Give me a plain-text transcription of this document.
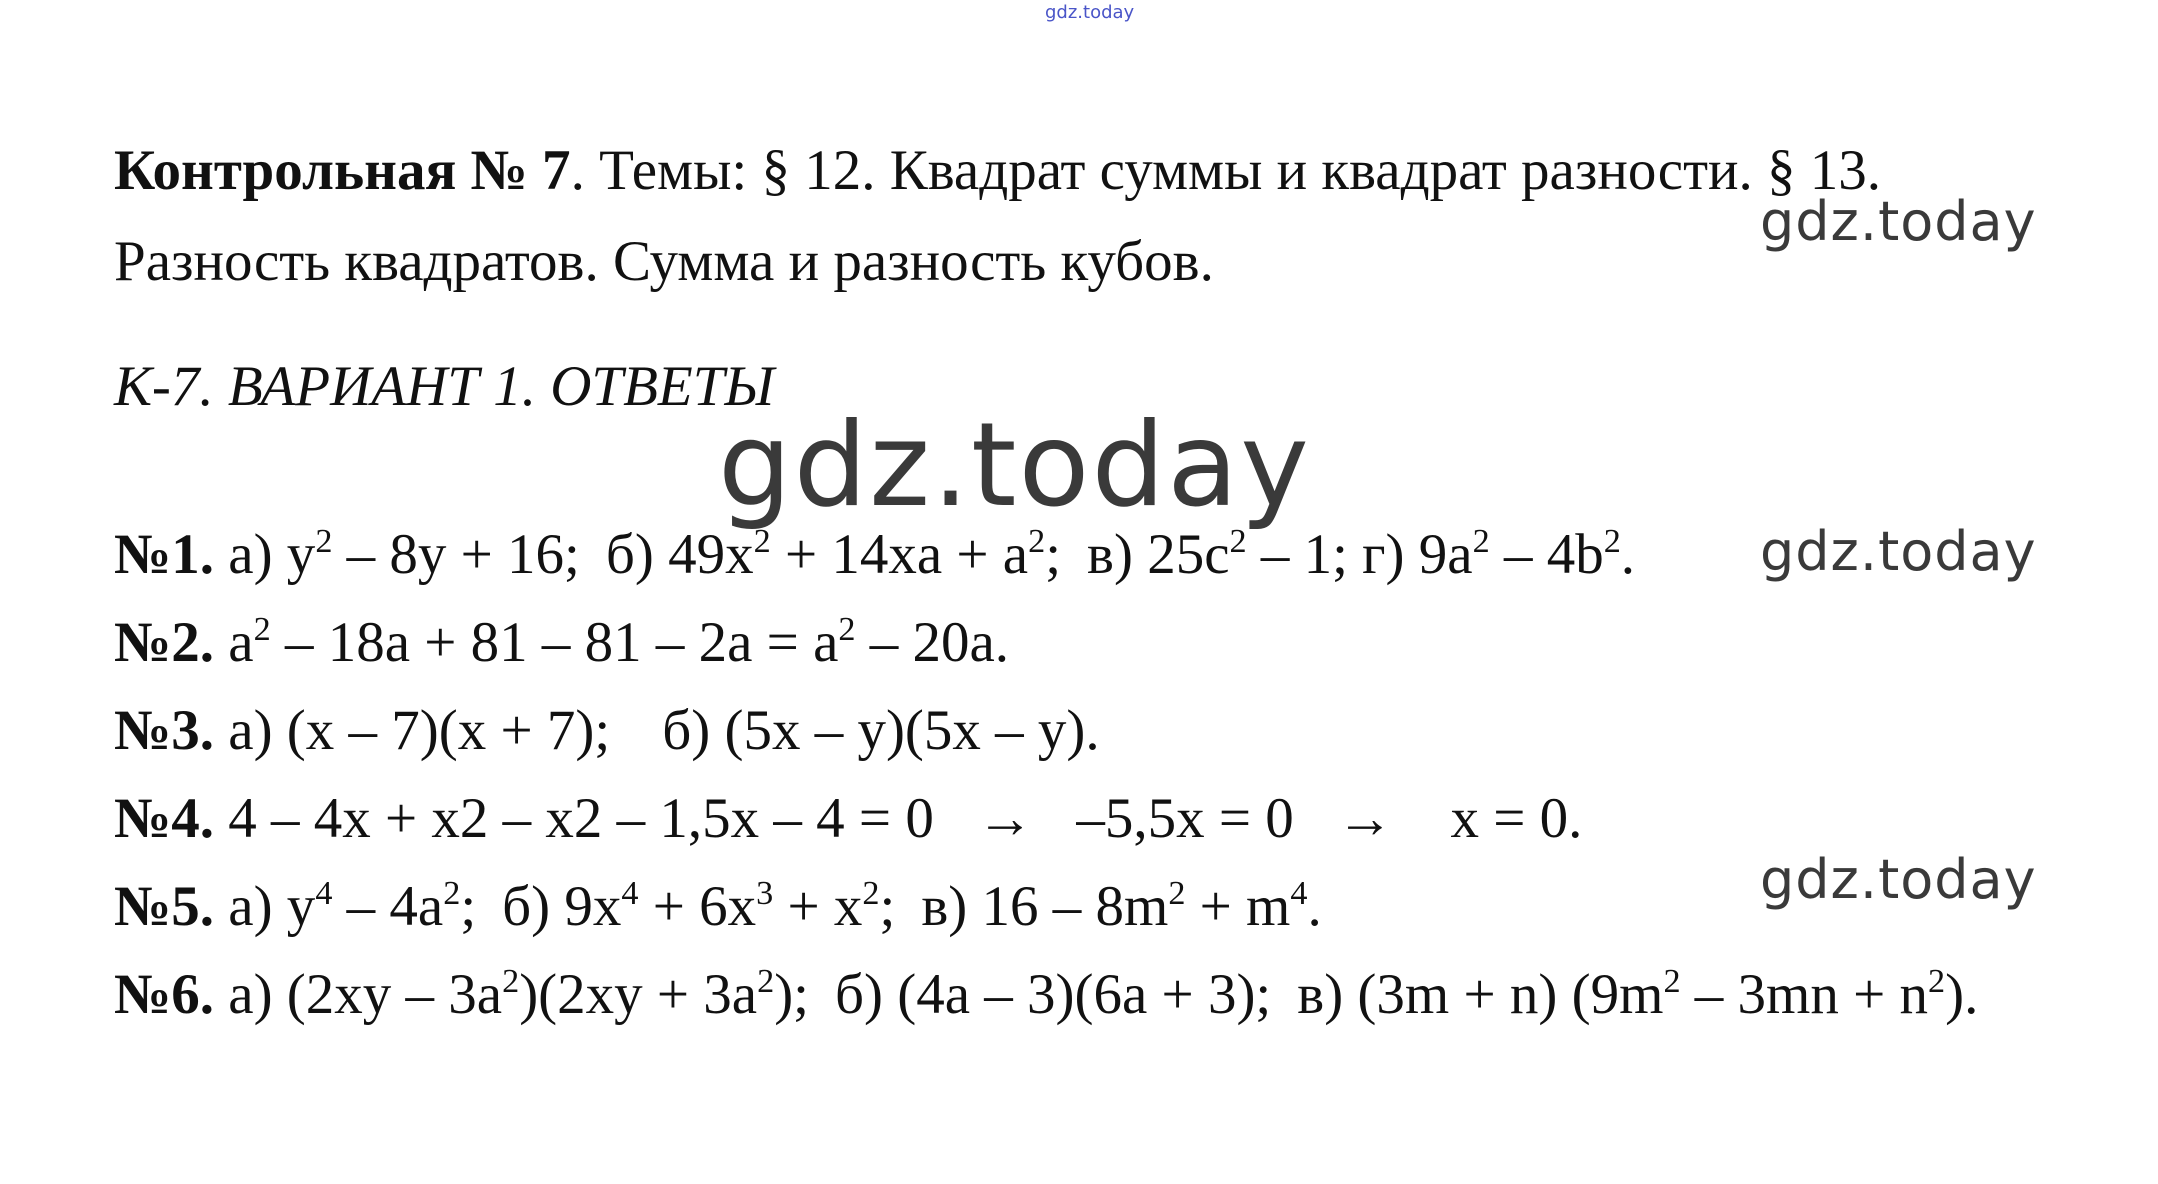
gdz.today
gdz.today
gdz.today
gdz.today
gdz.today
Контрольная № 7. Темы: § 12. Квадрат суммы и квадрат разности. § 13.
Разность квадратов. Сумма и разность кубов.
К-7. ВАРИАНТ 1. ОТВЕТЫ
№1. а) $y^2 - 8y + 16$; б) $49x^2 + 14xa + a^2$; в) $25c^2 - 1$; г) $9a^2 - 4b^2$.
№2. $a^2 - 18a + 81 - 81 - 2a = a^2 - 20a$.
№3. а) (x – 7)(x + 7); б) (5x – y)(5x – y).
№4. 4 – 4x + x2 – x2 – 1,5x – 4 = 0   →   –5,5x = 0   →    x = 0.
№5. а) $y^4 - 4a^2$; б) $9x^4 + 6x^3 + x^2$; в) $16 - 8m^2 + m^4$.
№6. а) $(2xy - 3a^2)(2xy + 3a^2)$; б) (4a – 3)(6a + 3); в) (3m + n) $(9m^2 - 3mn + n^2)$.
